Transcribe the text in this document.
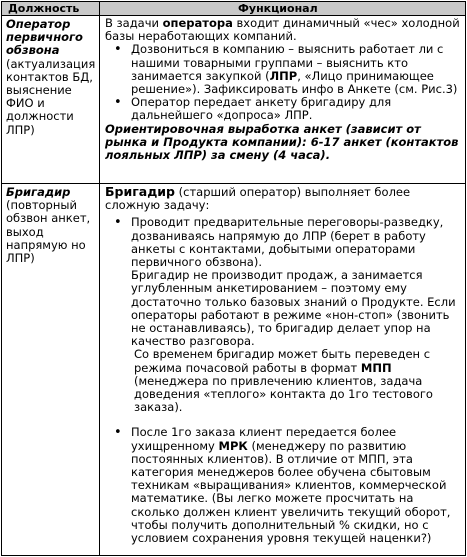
Должность	Функционал
Оператор первичного обзвона
(актуализация контактов БД, выяснение ФИО и должности ЛПР)

В задачи оператора входит динамичный «чес» холодной базы неработающих компаний.

• Дозвониться в компанию – выяснить работает ли с нашими товарными группами – выяснить кто занимается закупкой (ЛПР, «Лицо принимающее решение»). Зафиксировать инфо в Анкете (см. Рис.3)
• Оператор передает анкету бригадиру для дальнейшего «допроса» ЛПР.

Ориентировочная выработка анкет (зависит от рынка и Продукта компании): 6-17 анкет (контактов лояльных ЛПР) за смену (4 часа).

Бригадир
(повторный обзвон анкет, выход напрямую но ЛПР)

Бригадир (старший оператор) выполняет более сложную задачу:

• Проводит предварительные переговоры-разведку, дозваниваясь напрямую до ЛПР (берет в работу анкеты с контактами, добытыми операторами первичного обзвона).

Бригадир не производит продаж, а занимается углубленным анкетированием – поэтому ему достаточно только базовых знаний о Продукте. Если операторы работают в режиме «нон-стоп» (звонить не останавливаясь), то бригадир делает упор на качество разговора.

Со временем бригадир может быть переведен с режима почасовой работы в формат МПП (менеджера по привлечению клиентов, задача доведения «теплого» контакта до 1го тестового заказа).

• После 1го заказа клиент передается более ухищренному МРК (менеджеру по развитию постоянных клиентов). В отличие от МПП, эта категория менеджеров более обучена сбытовым техникам «выращивания» клиентов, коммерческой математике. (Вы легко можете просчитать на сколько должен клиент увеличить текущий оборот, чтобы получить дополнительный % скидки, но с условием сохранения уровня текущей наценки?)
